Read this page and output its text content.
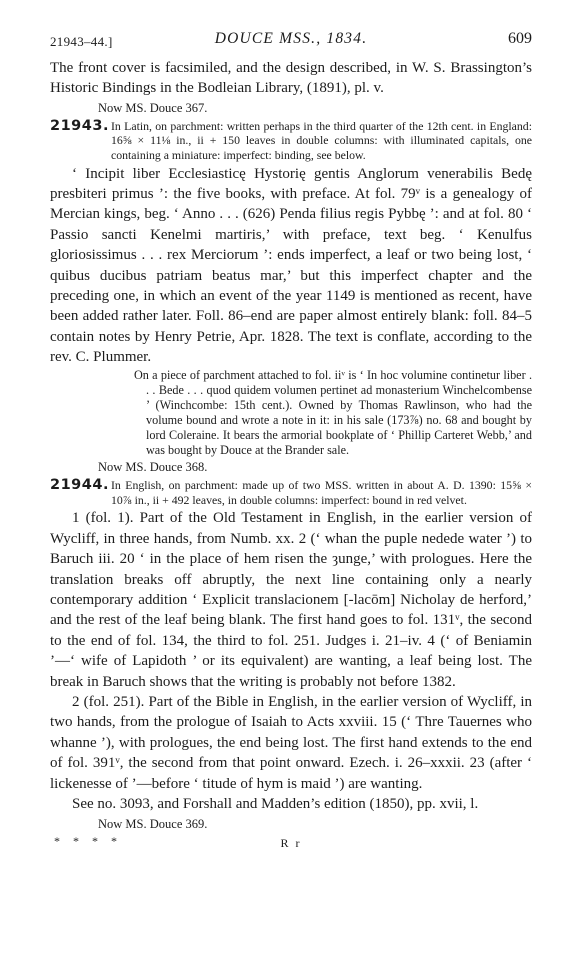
21943–44.]	DOUCE MSS., 1834.	609

The front cover is facsimiled, and the design described, in W. S. Brassington’s Historic Bindings in the Bodleian Library, (1891), pl. v.

Now MS. Douce 367.

21943. In Latin, on parchment: written perhaps in the third quarter of the 12th cent. in England: 16⅝ × 11⅛ in., ii + 150 leaves in double columns: with illuminated capitals, one containing a miniature: imperfect: binding, see below.

‘ Incipit liber Ecclesiasticę Hystorię gentis Anglorum venerabilis Bedę presbiteri primus ’: the five books, with preface. At fol. 79ᵛ is a genealogy of Mercian kings, beg. ‘ Anno . . . (626) Penda filius regis Pybbę ’: and at fol. 80 ‘ Passio sancti Kenelmi martiris,’ with preface, text beg. ‘ Kenulfus gloriosissimus . . . rex Merciorum ’: ends imperfect, a leaf or two being lost, ‘ quibus ducibus patriam beatus mar,’ but this imperfect chapter and the preceding one, in which an event of the year 1149 is mentioned as recent, have been added rather later. Foll. 86–end are paper almost entirely blank: foll. 84–5 contain notes by Henry Petrie, Apr. 1828. The text is conflate, according to the rev. C. Plummer.

On a piece of parchment attached to fol. iiᵛ is ‘ In hoc volumine continetur liber . . . Bede . . . quod quidem volumen pertinet ad monasterium Winchelcombense ’ (Winchcombe: 15th cent.). Owned by Thomas Rawlinson, who had the volume bound and wrote a note in it: in his sale (173⅞) no. 68 and bought by lord Coleraine. It bears the armorial bookplate of ‘ Phillip Carteret Webb,’ and was bought by Douce at the Brander sale.

Now MS. Douce 368.

21944. In English, on parchment: made up of two MSS. written in about A. D. 1390: 15⅝ × 10⅞ in., ii + 492 leaves, in double columns: imperfect: bound in red velvet.

1 (fol. 1). Part of the Old Testament in English, in the earlier version of Wycliff, in three hands, from Numb. xx. 2 (‘ whan the puple nedede water ’) to Baruch iii. 20 ‘ in the place of hem risen the ȝunge,’ with prologues. Here the translation breaks off abruptly, the next line containing only a nearly contemporary addition ‘ Explicit translacionem [-lacōm] Nicholay de herford,’ and the rest of the leaf being blank. The first hand goes to fol. 131ᵛ, the second to the end of fol. 134, the third to fol. 251. Judges i. 21–iv. 4 (‘ of Beniamin ’—‘ wife of Lapidoth ’ or its equivalent) are wanting, a leaf being lost. The break in Baruch shows that the writing is probably not before 1382.

2 (fol. 251). Part of the Bible in English, in the earlier version of Wycliff, in two hands, from the prologue of Isaiah to Acts xxviii. 15 (‘ Thre Tauernes who whanne ’), with prologues, the end being lost. The first hand extends to the end of fol. 391ᵛ, the second from that point onward. Ezech. i. 26–xxxii. 23 (after ‘ lickenesse of ’—before ‘ titude of hym is maid ’) are wanting.

See no. 3093, and Forshall and Madden’s edition (1850), pp. xvii, l.

Now MS. Douce 369.

* * * *	R r
